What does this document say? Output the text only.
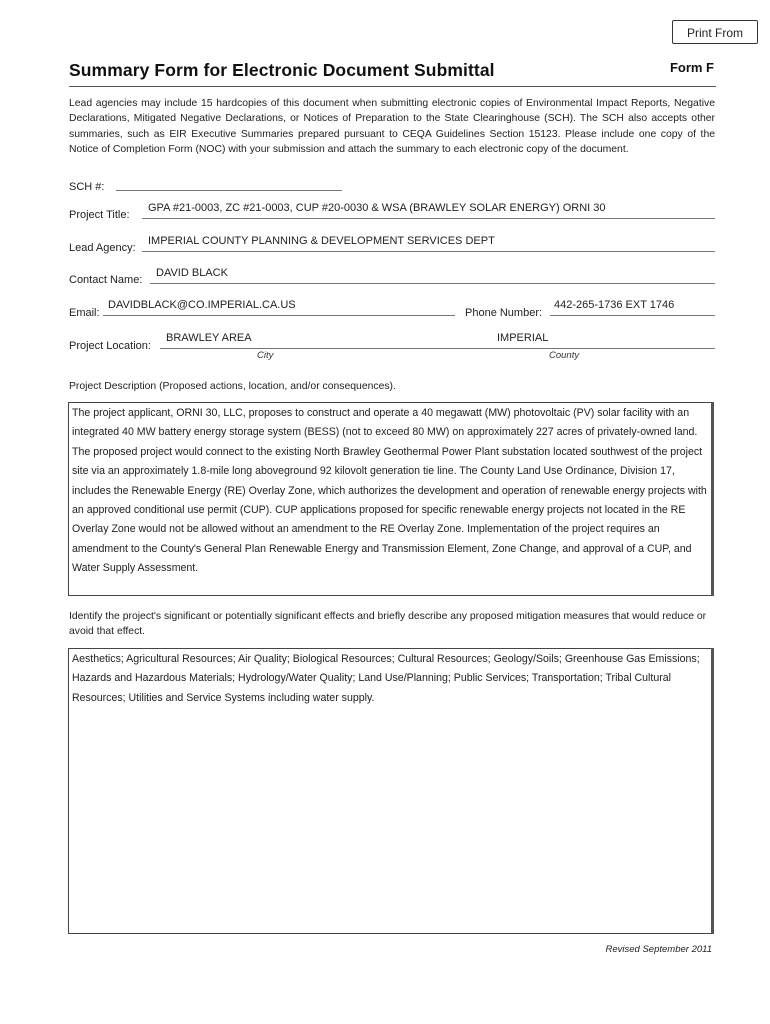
Print From
Summary Form for Electronic Document Submittal	Form F
Lead agencies may include 15 hardcopies of this document when submitting electronic copies of Environmental Impact Reports, Negative Declarations, Mitigated Negative Declarations, or Notices of Preparation to the State Clearinghouse (SCH). The SCH also accepts other summaries, such as EIR Executive Summaries prepared pursuant to CEQA Guidelines Section 15123. Please include one copy of the Notice of Completion Form (NOC) with your submission and attach the summary to each electronic copy of the document.
SCH #:
Project Title:
GPA #21-0003, ZC #21-0003, CUP #20-0030 & WSA (BRAWLEY SOLAR ENERGY) ORNI 30
Lead Agency:
IMPERIAL COUNTY PLANNING & DEVELOPMENT SERVICES DEPT
Contact Name:
DAVID BLACK
Email:
DAVIDBLACK@CO.IMPERIAL.CA.US
Phone Number:
442-265-1736 EXT 1746
Project Location:
BRAWLEY AREA	IMPERIAL
City	County
Project Description (Proposed actions, location, and/or consequences).
The project applicant, ORNI 30, LLC, proposes to construct and operate a 40 megawatt (MW) photovoltaic (PV) solar facility with an integrated 40 MW battery energy storage system (BESS) (not to exceed 80 MW) on approximately 227 acres of privately-owned land. The proposed project would connect to the existing North Brawley Geothermal Power Plant substation located southwest of the project site via an approximately 1.8-mile long aboveground 92 kilovolt generation tie line. The County Land Use Ordinance, Division 17, includes the Renewable Energy (RE) Overlay Zone, which authorizes the development and operation of renewable energy projects with an approved conditional use permit (CUP). CUP applications proposed for specific renewable energy projects not located in the RE Overlay Zone would not be allowed without an amendment to the RE Overlay Zone. Implementation of the project requires an amendment to the County's General Plan Renewable Energy and Transmission Element, Zone Change, and approval of a CUP, and Water Supply Assessment.
Identify the project's significant or potentially significant effects and briefly describe any proposed mitigation measures that would reduce or avoid that effect.
Aesthetics; Agricultural Resources; Air Quality; Biological Resources; Cultural Resources; Geology/Soils; Greenhouse Gas Emissions; Hazards and Hazardous Materials; Hydrology/Water Quality; Land Use/Planning; Public Services; Transportation; Tribal Cultural Resources; Utilities and Service Systems including water supply.
Revised September 2011
